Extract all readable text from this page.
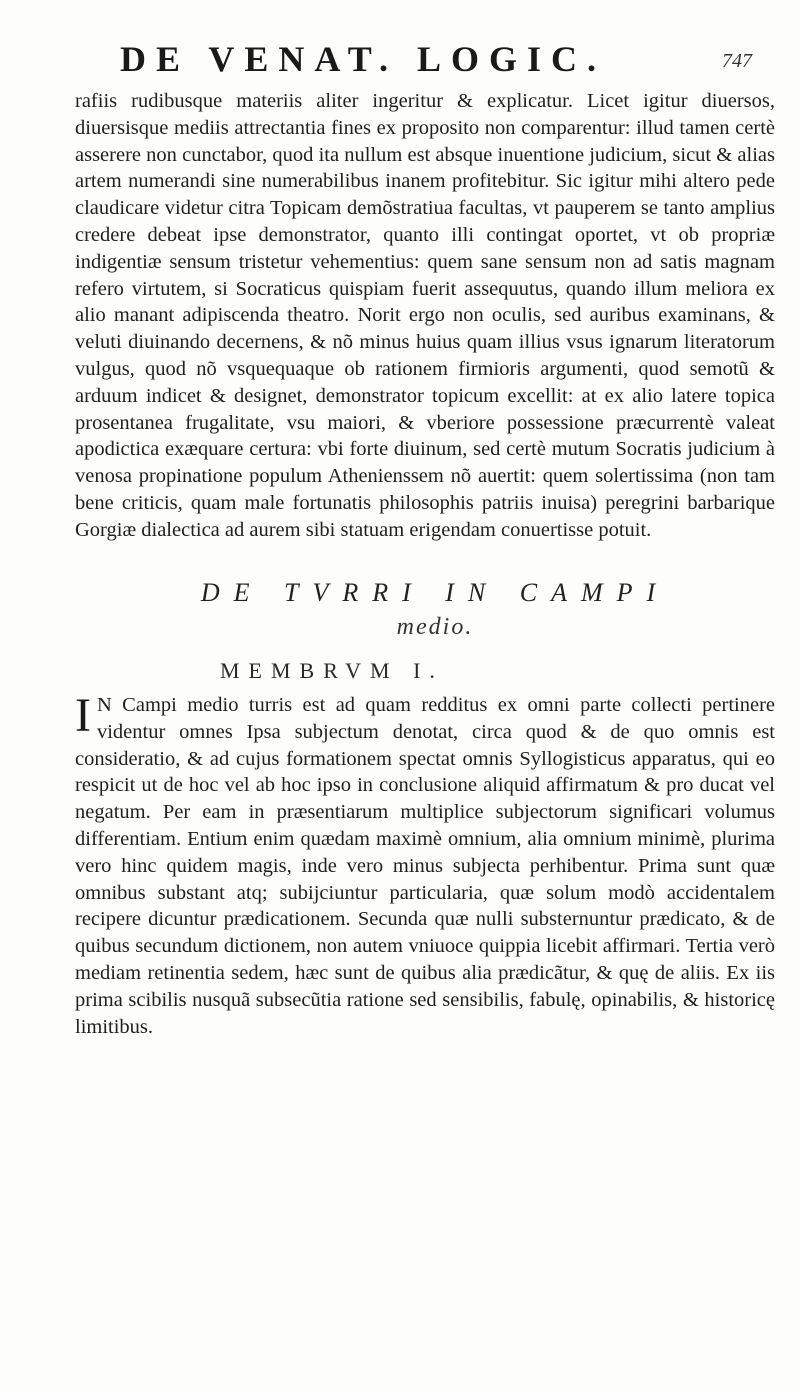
DE VENAT. LOGIC.	747

rafiis rudibusque materiis aliter ingeritur & explicatur. Licet igitur diuersos, diuersisque mediis attrectantia fines ex proposito non comparentur: illud tamen certè asserere non cunctabor, quod ita nullum est absque inuentione judicium, sicut & alias artem numerandi sine numerabilibus inanem profitebitur. Sic igitur mihi altero pede claudicare videtur citra Topicam demõstratiua facultas, vt pauperem se tanto amplius credere debeat ipse demonstrator, quanto illi contingat oportet, vt ob propriæ indigentiæ sensum tristetur vehementius: quem sane sensum non ad satis magnam refero virtutem, si Socraticus quispiam fuerit assequutus, quando illum meliora ex alio manant adipiscenda theatro. Norit ergo non oculis, sed auribus examinans, & veluti diuinando decernens, & nõ minus huius quam illius vsus ignarum literatorum vulgus, quod nõ vsquequaque ob rationem firmioris argumenti, quod semotũ & arduum indicet & designet, demonstrator topicum excellit: at ex alio latere topica prosentanea frugalitate, vsu maiori, & vberiore possessione præcurrentè valeat apodictica exæquare certura: vbi forte diuinum, sed certè mutum Socratis judicium à venosa propinatione populum Athenienssem nõ auertit: quem solertissima (non tam bene criticis, quam male fortunatis philosophis patriis inuisa) peregrini barbarique Gorgiæ dialectica ad aurem sibi statuam erigendam conuertisse potuit.

DE TVRRI IN CAMPI
medio.
MEMBRVM I.

I N Campi medio turris est ad quam redditus ex omni parte collecti pertinere videntur omnes Ipsa subjectum denotat, circa quod & de quo omnis est consideratio, & ad cujus formationem spectat omnis Syllogisticus apparatus, qui eo respicit ut de hoc vel ab hoc ipso in conclusione aliquid affirmatum & pro ducat vel negatum. Per eam in præsentiarum multiplice subjectorum significari volumus differentiam. Entium enim quædam maximè omnium, alia omnium minimè, plurima vero hinc quidem magis, inde vero minus subjecta perhibentur. Prima sunt quæ omnibus substant atq; subijciuntur particularia, quæ solum modò accidentalem recipere dicuntur prædicationem. Secunda quæ nulli substernuntur prædicato, & de quibus secundum dictionem, non autem vniuoce quippia licebit affirmari. Tertia verò mediam retinentia sedem, hæc sunt de quibus alia prædicãtur, & quę de aliis. Ex iis prima scibilis nusquã subsecũtia ratione sed sensibilis, fabulę, opinabilis, & historicę limitibus.
